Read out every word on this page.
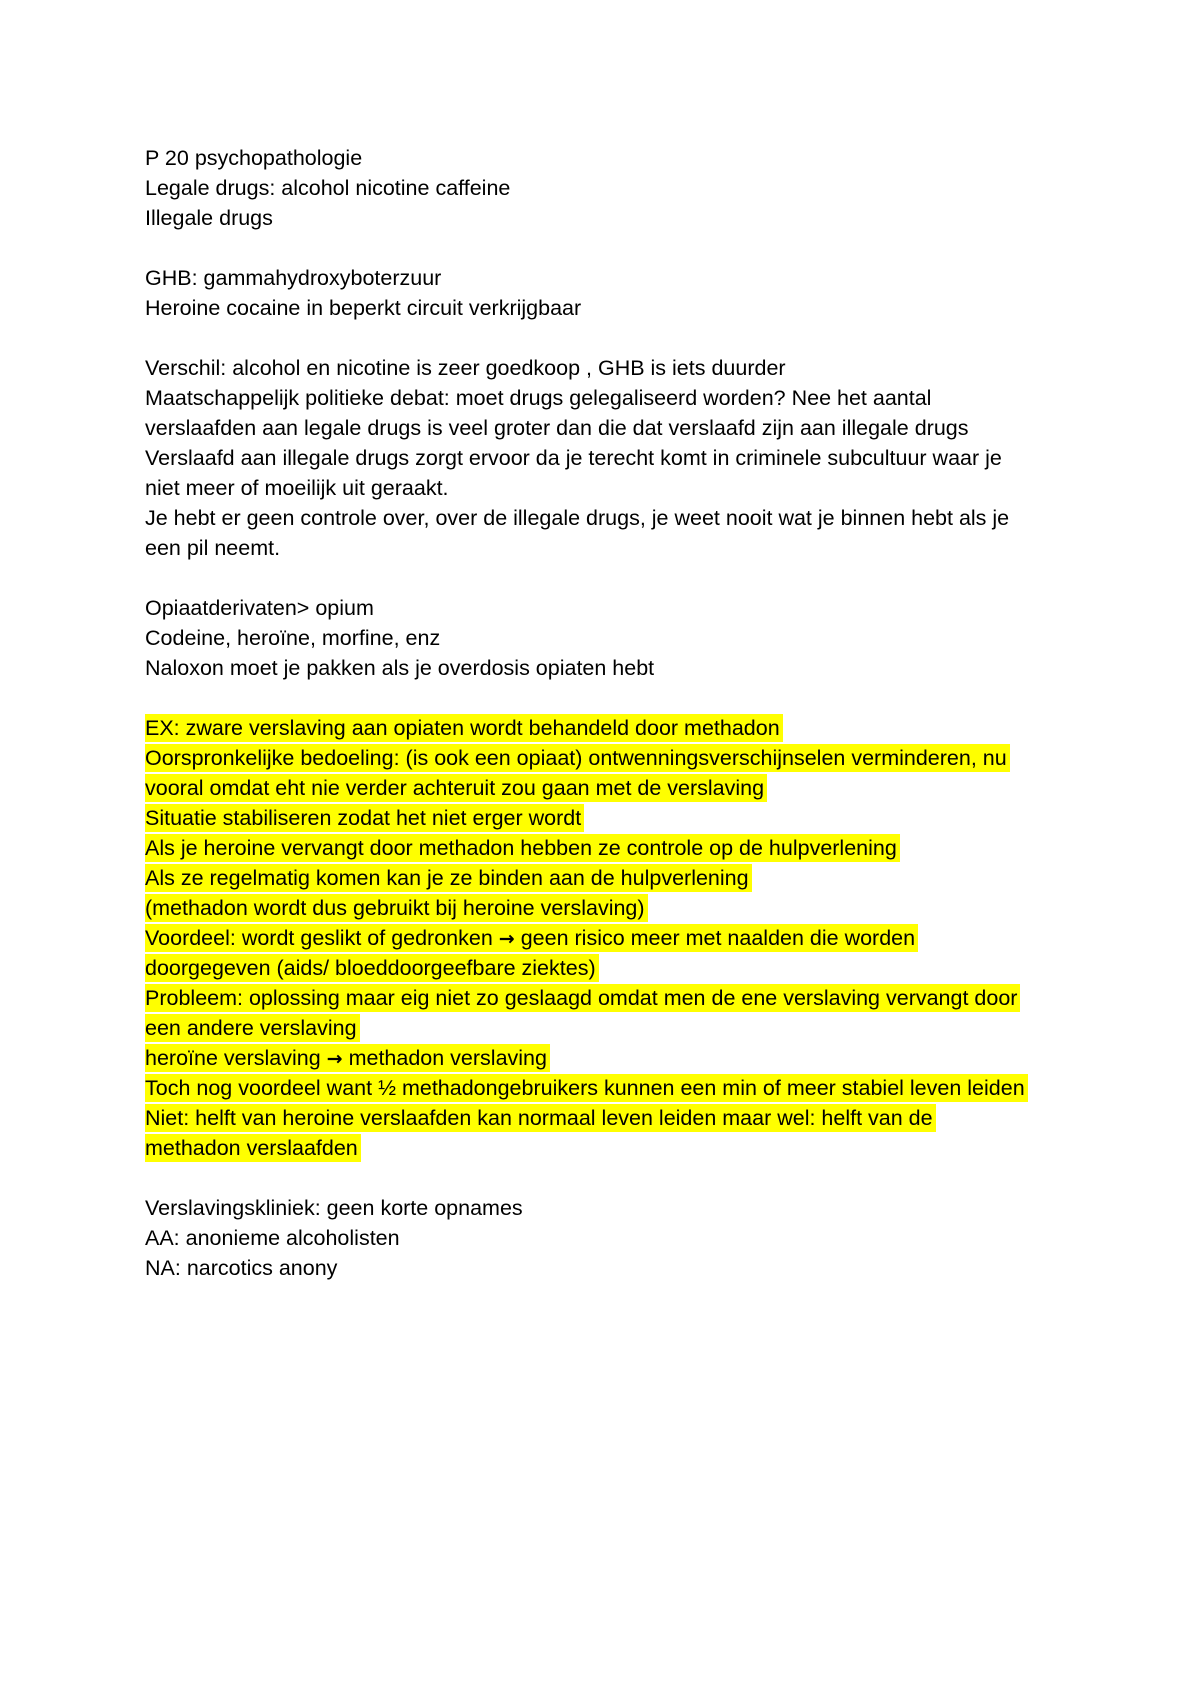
P 20 psychopathologie
Legale drugs: alcohol nicotine caffeine
Illegale drugs
GHB: gammahydroxyboterzuur
Heroine cocaine in beperkt circuit verkrijgbaar
Verschil: alcohol en nicotine is zeer goedkoop , GHB is iets duurder
Maatschappelijk politieke debat: moet drugs gelegaliseerd worden? Nee het aantal
verslaafden aan legale drugs is veel groter dan die dat verslaafd zijn aan illegale drugs
Verslaafd aan illegale drugs zorgt ervoor da je terecht komt in criminele subcultuur waar je
niet meer of moeilijk uit geraakt.
Je hebt er geen controle over, over de illegale drugs, je weet nooit wat je binnen hebt als je
een pil neemt.
Opiaatderivaten> opium
Codeine, heroïne, morfine, enz
Naloxon moet je pakken als je overdosis opiaten hebt
EX: zware verslaving aan opiaten wordt behandeld door methadon
Oorspronkelijke bedoeling: (is ook een opiaat) ontwenningsverschijnselen verminderen, nu
vooral omdat eht nie verder achteruit zou gaan met de verslaving
Situatie stabiliseren zodat het niet erger wordt
Als je heroine vervangt door methadon hebben ze controle op de hulpverlening
Als ze regelmatig komen kan je ze binden aan de hulpverlening
(methadon wordt dus gebruikt bij heroine verslaving)
Voordeel: wordt geslikt of gedronken → geen risico meer met naalden die worden
doorgegeven (aids/ bloeddoorgeefbare ziektes)
Probleem: oplossing maar eig niet zo geslaagd omdat men de ene verslaving vervangt door
een andere verslaving
heroïne verslaving → methadon verslaving
Toch nog voordeel want ½ methadongebruikers kunnen een min of meer stabiel leven leiden
Niet: helft van heroine verslaafden kan normaal leven leiden maar wel: helft van de
methadon verslaafden
Verslavingskliniek: geen korte opnames
AA: anonieme alcoholisten
NA: narcotics anony
